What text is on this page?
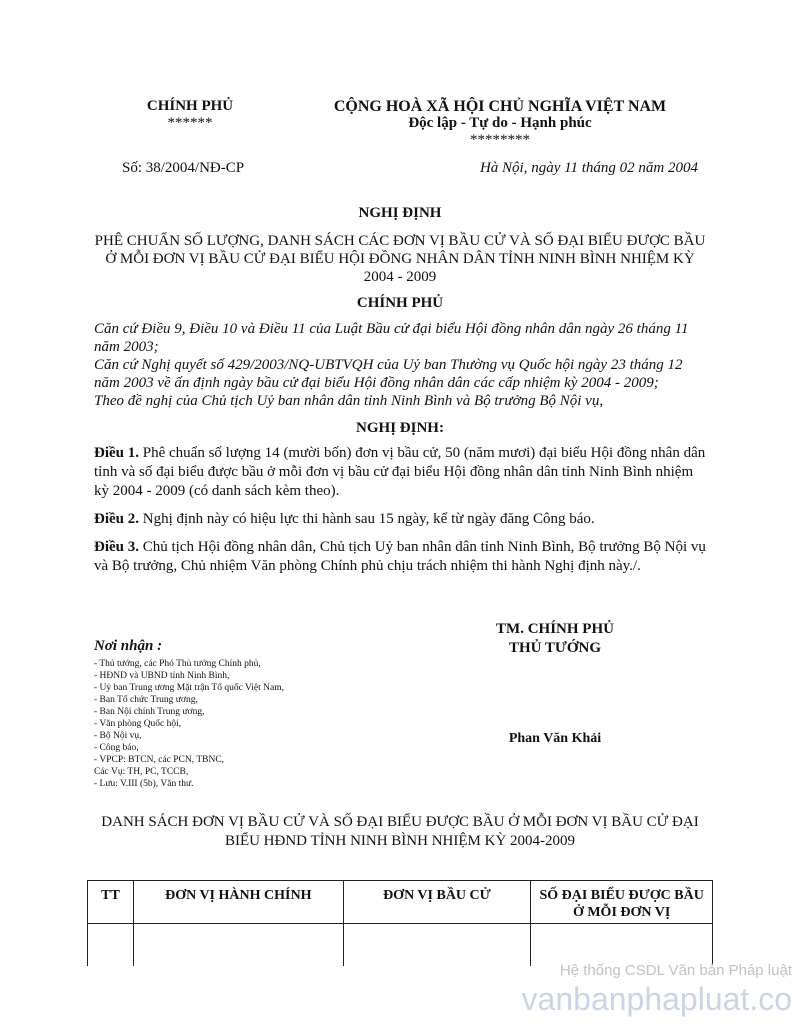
CHÍNH PHỦ
******
CỘNG HOÀ XÃ HỘI CHỦ NGHĨA VIỆT NAM
Độc lập - Tự do - Hạnh phúc
********
Số: 38/2004/NĐ-CP	Hà Nội, ngày 11 tháng 02 năm 2004
NGHỊ ĐỊNH
PHÊ CHUẨN SỐ LƯỢNG, DANH SÁCH CÁC ĐƠN VỊ BẦU CỬ VÀ SỐ ĐẠI BIỂU ĐƯỢC BẦU Ở MỖI ĐƠN VỊ BẦU CỬ ĐẠI BIỂU HỘI ĐỒNG NHÂN DÂN TỈNH NINH BÌNH NHIỆM KỲ 2004 - 2009
CHÍNH PHỦ

Căn cứ Điều 9, Điều 10 và Điều 11 của Luật Bầu cử đại biểu Hội đồng nhân dân ngày 26 tháng 11 năm 2003;

Căn cứ Nghị quyết số 429/2003/NQ-UBTVQH của Uỷ ban Thường vụ Quốc hội ngày 23 tháng 12 năm 2003 về ấn định ngày bầu cử đại biểu Hội đồng nhân dân các cấp nhiệm kỳ 2004 - 2009;

Theo đề nghị của Chủ tịch Uỷ ban nhân dân tỉnh Ninh Bình và Bộ trưởng Bộ Nội vụ,

NGHỊ ĐỊNH:

Điều 1. Phê chuẩn số lượng 14 (mười bốn) đơn vị bầu cử, 50 (năm mươi) đại biểu Hội đồng nhân dân tỉnh và số đại biểu được bầu ở mỗi đơn vị bầu cử đại biểu Hội đồng nhân dân tỉnh Ninh Bình nhiệm kỳ 2004 - 2009 (có danh sách kèm theo).

Điều 2. Nghị định này có hiệu lực thi hành sau 15 ngày, kể từ ngày đăng Công báo.

Điều 3. Chủ tịch Hội đồng nhân dân, Chủ tịch Uỷ ban nhân dân tỉnh Ninh Bình, Bộ trưởng Bộ Nội vụ và Bộ trưởng, Chủ nhiệm Văn phòng Chính phủ chịu trách nhiệm thi hành Nghị định này./.

TM. CHÍNH PHỦ
THỦ TƯỚNG
Phan Văn Khải
Nơi nhận :
- Thủ tướng, các Phó Thủ tướng Chính phủ,
- HĐND và UBND tỉnh Ninh Bình,
- Uỷ ban Trung ương Mặt trận Tổ quốc Việt Nam,
- Ban Tổ chức Trung ương,
- Ban Nội chính Trung ương,
- Văn phòng Quốc hội,
- Bộ Nội vụ,
- Công báo,
- VPCP: BTCN, các PCN, TBNC,
Các Vụ: TH, PC, TCCB,
- Lưu: V.III (5b), Văn thư.
DANH SÁCH ĐƠN VỊ BẦU CỬ VÀ SỐ ĐẠI BIỂU ĐƯỢC BẦU Ở MỖI ĐƠN VỊ BẦU CỬ ĐẠI BIỂU HĐND TỈNH NINH BÌNH NHIỆM KỲ 2004-2009
TT	ĐƠN VỊ HÀNH CHÍNH	ĐƠN VỊ BẦU CỬ	SỐ ĐẠI BIỂU ĐƯỢC BẦU Ở MỖI ĐƠN VỊ

Hệ thống CSDL Văn bản Pháp luật
vanbanphapluat.co
